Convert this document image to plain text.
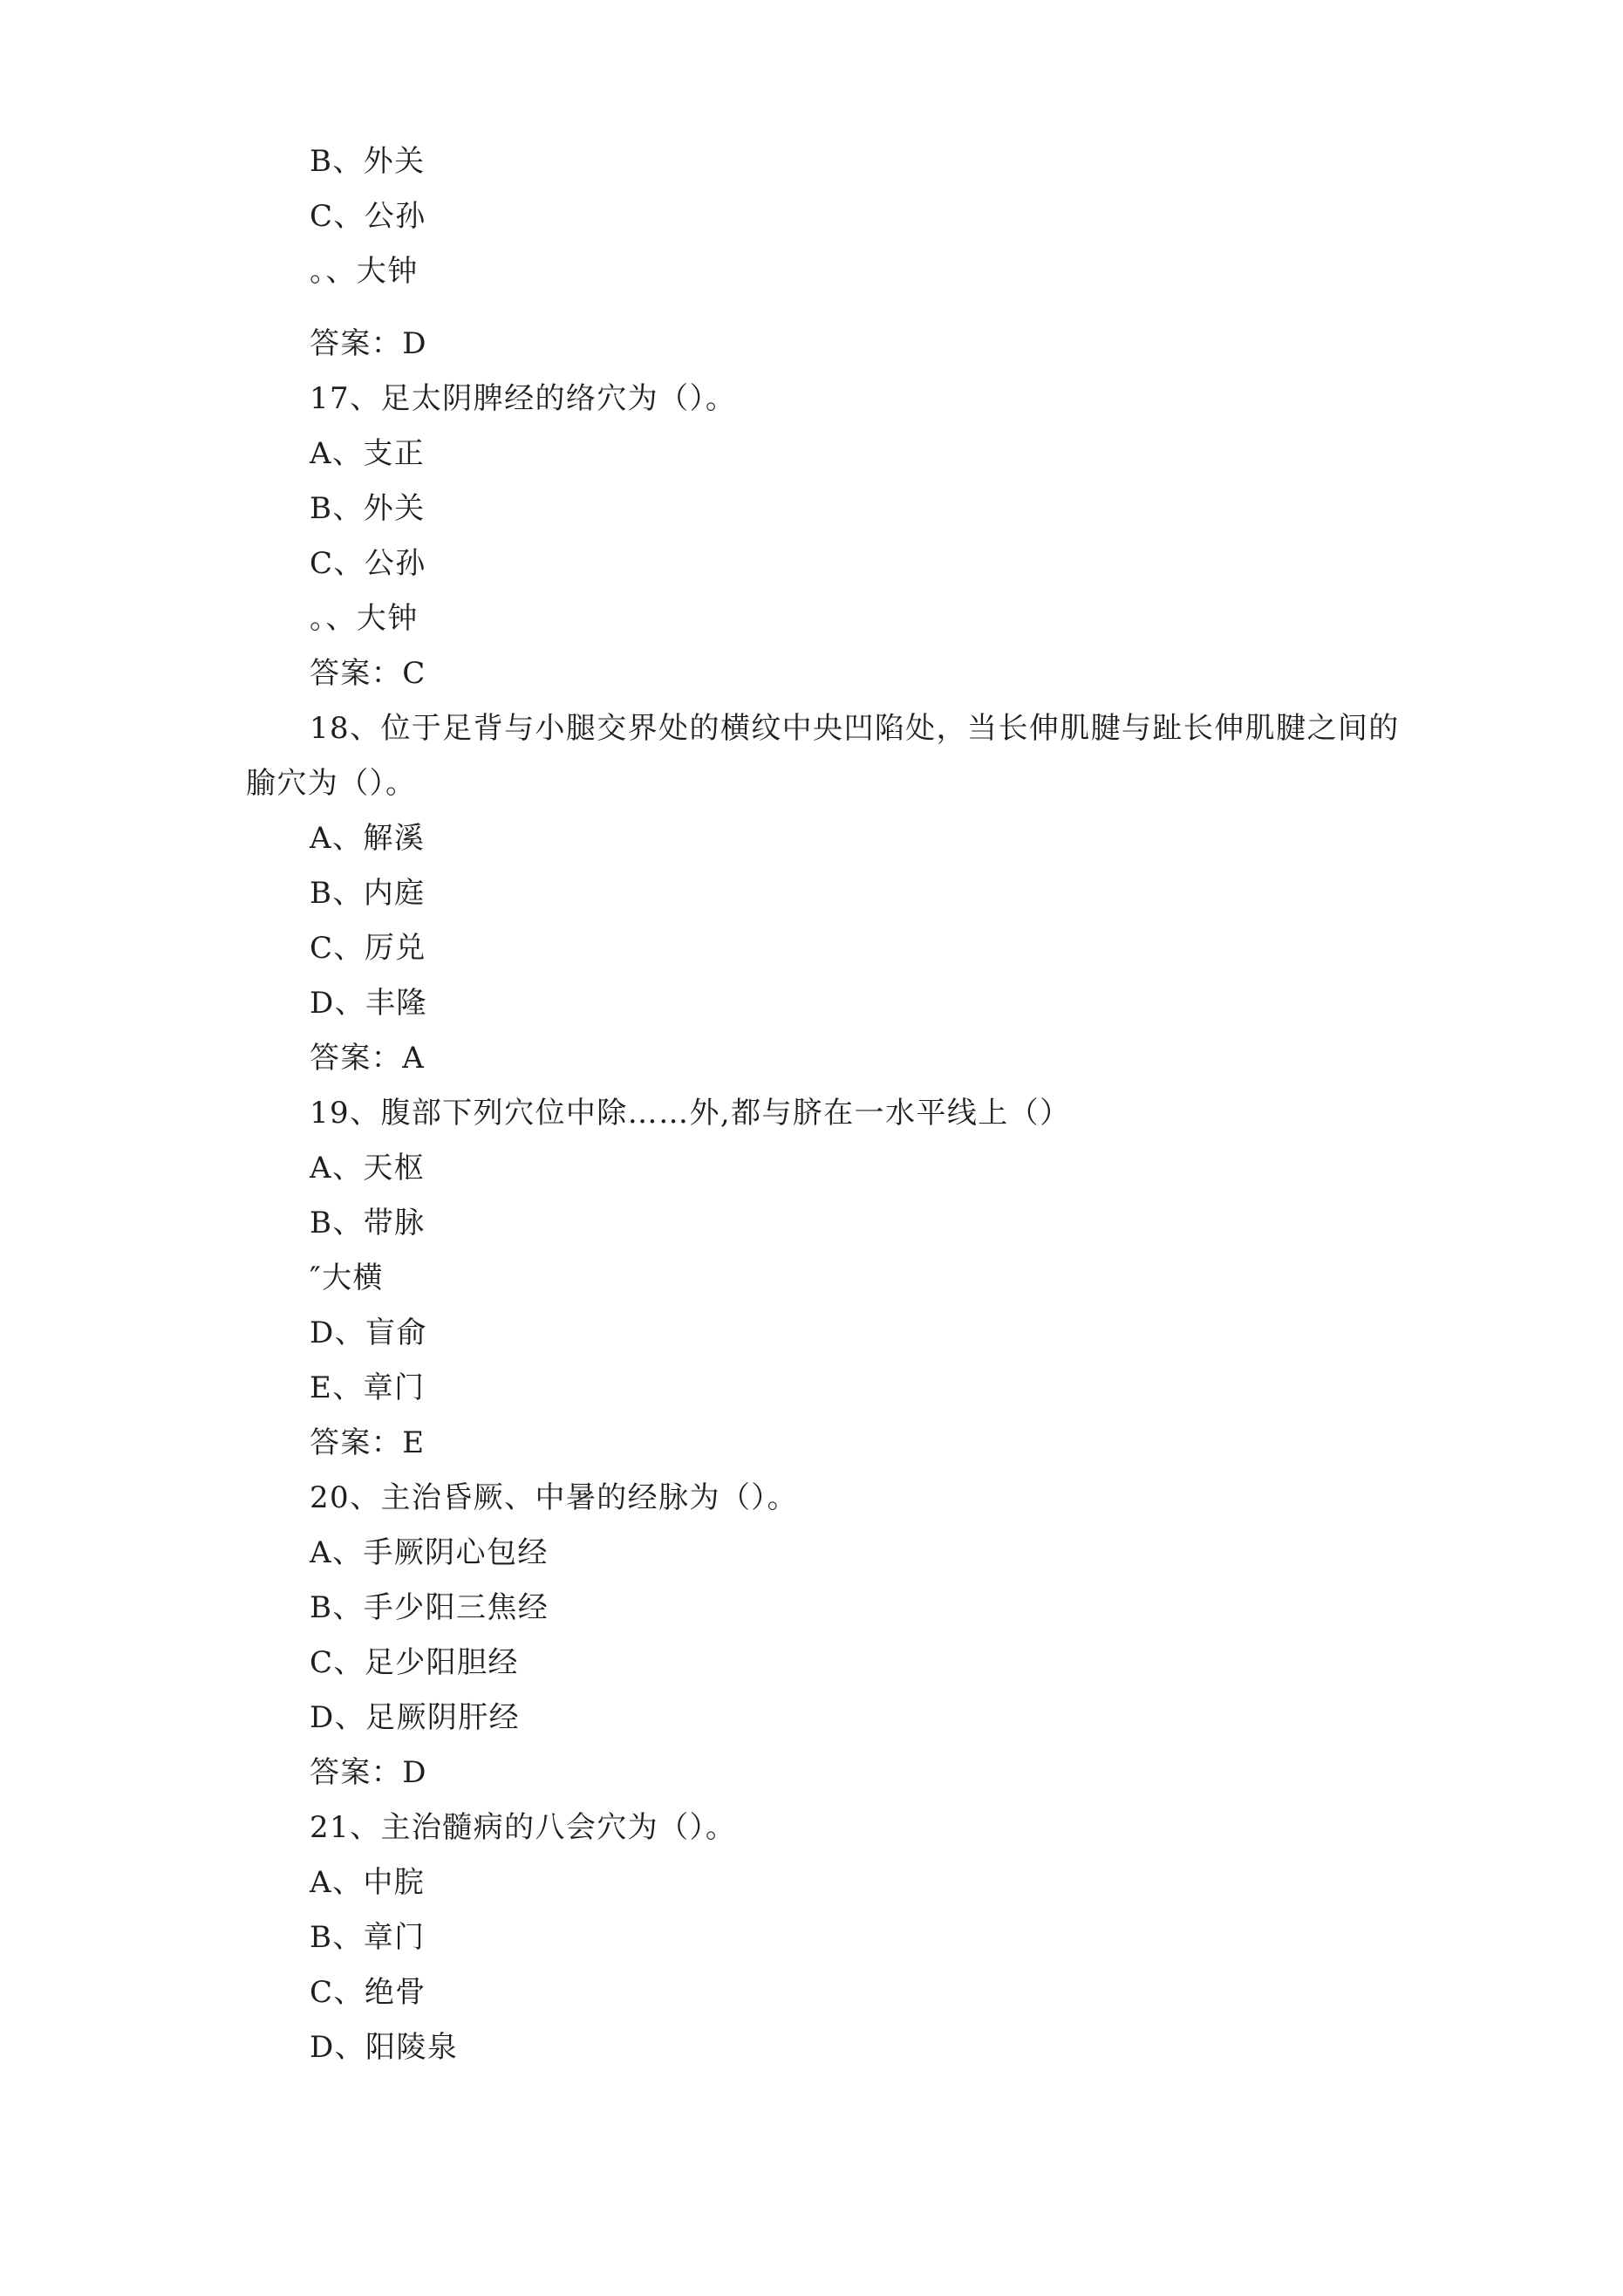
B、外关
C、公孙
。、大钟
答案：D
17、足太阴脾经的络穴为（）。
A、支正
B、外关
C、公孙
。、大钟
答案：C
18、位于足背与小腿交界处的横纹中央凹陷处，当长伸肌腱与趾长伸肌腱之间的
腧穴为（）。
A、解溪
B、内庭
C、厉兑
D、丰隆
答案：A
19、腹部下列穴位中除……外,都与脐在一水平线上（）
A、天枢
B、带脉
″大横
D、盲俞
E、章门
答案：E
20、主治昏厥、中暑的经脉为（）。
A、手厥阴心包经
B、手少阳三焦经
C、足少阳胆经
D、足厥阴肝经
答案：D
21、主治髓病的八会穴为（）。
A、中脘
B、章门
C、绝骨
D、阳陵泉
